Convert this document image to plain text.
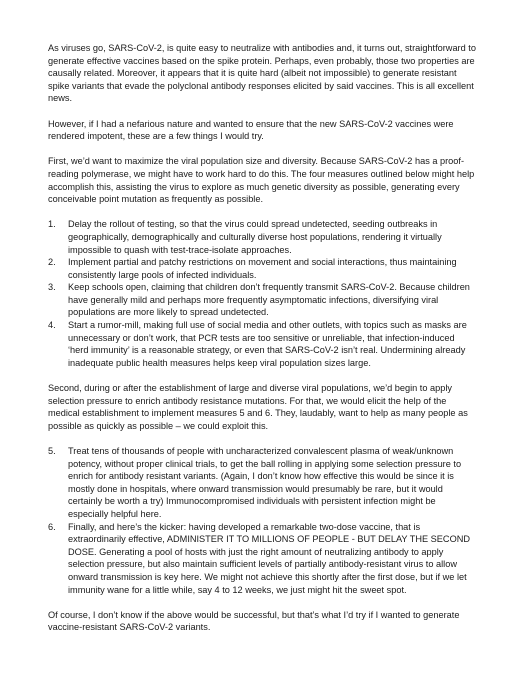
As viruses go, SARS-CoV-2, is quite easy to neutralize with antibodies and, it turns out, straightforward to generate effective vaccines based on the spike protein. Perhaps, even probably, those two properties are causally related. Moreover, it appears that it is quite hard (albeit not impossible) to generate resistant spike variants that evade the polyclonal antibody responses elicited by said vaccines. This is all excellent news.

However, if I had a nefarious nature and wanted to ensure that the new SARS-CoV-2 vaccines were rendered impotent, these are a few things I would try.

First, we’d want to maximize the viral population size and diversity. Because SARS-CoV-2 has a proof-reading polymerase, we might have to work hard to do this. The four measures outlined below might help accomplish this, assisting the virus to explore as much genetic diversity as possible, generating every conceivable point mutation as frequently as possible.

1. Delay the rollout of testing, so that the virus could spread undetected, seeding outbreaks in geographically, demographically and culturally diverse host populations, rendering it virtually impossible to quash with test-trace-isolate approaches.
2. Implement partial and patchy restrictions on movement and social interactions, thus maintaining consistently large pools of infected individuals.
3. Keep schools open, claiming that children don’t frequently transmit SARS-CoV-2. Because children have generally mild and perhaps more frequently asymptomatic infections, diversifying viral populations are more likely to spread undetected.
4. Start a rumor-mill, making full use of social media and other outlets, with topics such as masks are unnecessary or don’t work, that PCR tests are too sensitive or unreliable, that infection-induced ‘herd immunity’ is a reasonable strategy, or even that SARS-CoV-2 isn’t real. Undermining already inadequate public health measures helps keep viral population sizes large.

Second, during or after the establishment of large and diverse viral populations, we’d begin to apply selection pressure to enrich antibody resistance mutations. For that, we would elicit the help of the medical establishment to implement measures 5 and 6. They, laudably, want to help as many people as possible as quickly as possible – we could exploit this.

5. Treat tens of thousands of people with uncharacterized convalescent plasma of weak/unknown potency, without proper clinical trials, to get the ball rolling in applying some selection pressure to enrich for antibody resistant variants. (Again, I don’t know how effective this would be since it is mostly done in hospitals, where onward transmission would presumably be rare, but it would certainly be worth a try) Immunocompromised individuals with persistent infection might be especially helpful here.
6. Finally, and here’s the kicker: having developed a remarkable two-dose vaccine, that is extraordinarily effective, ADMINISTER IT TO MILLIONS OF PEOPLE - BUT DELAY THE SECOND DOSE. Generating a pool of hosts with just the right amount of neutralizing antibody to apply selection pressure, but also maintain sufficient levels of partially antibody-resistant virus to allow onward transmission is key here. We might not achieve this shortly after the first dose, but if we let immunity wane for a little while, say 4 to 12 weeks, we just might hit the sweet spot.

Of course, I don’t know if the above would be successful, but that’s what I’d try if I wanted to generate vaccine-resistant SARS-CoV-2 variants.
